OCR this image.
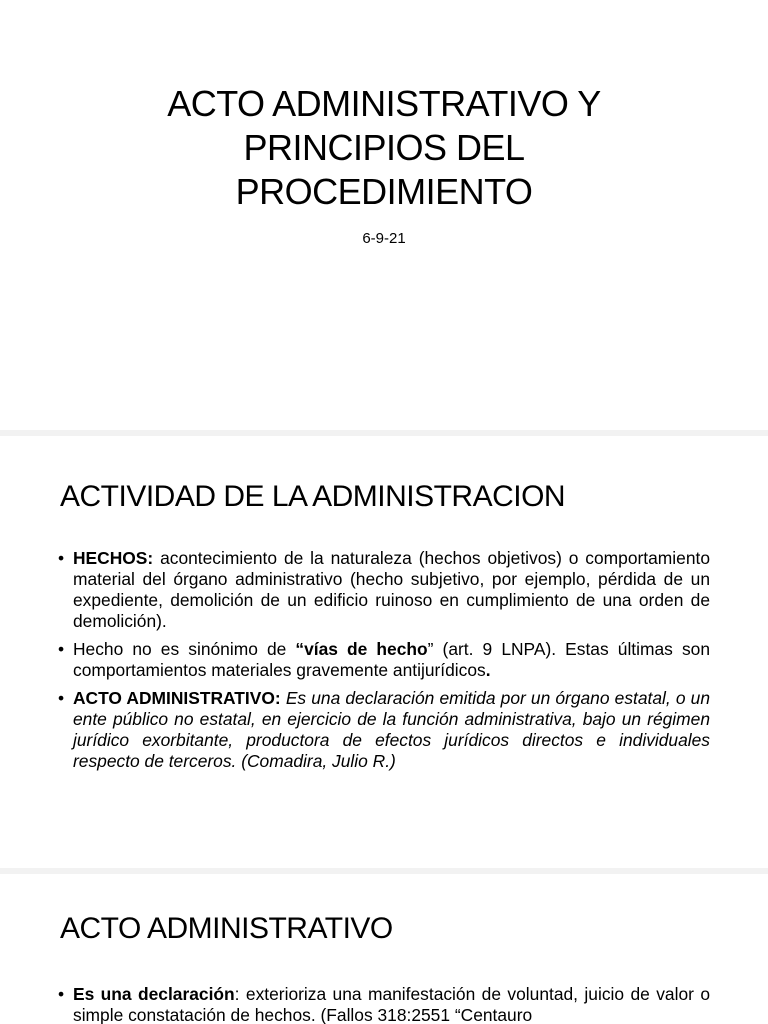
ACTO ADMINISTRATIVO Y
PRINCIPIOS DEL
PROCEDIMIENTO
6-9-21
ACTIVIDAD DE LA ADMINISTRACION
• HECHOS: acontecimiento de la naturaleza (hechos objetivos) o comportamiento material del órgano administrativo (hecho subjetivo, por ejemplo, pérdida de un expediente, demolición de un edificio ruinoso en cumplimiento de una orden de demolición).
• Hecho no es sinónimo de “vías de hecho” (art. 9 LNPA). Estas últimas son comportamientos materiales gravemente antijurídicos.
• ACTO ADMINISTRATIVO: Es una declaración emitida por un órgano estatal, o un ente público no estatal, en ejercicio de la función administrativa, bajo un régimen jurídico exorbitante, productora de efectos jurídicos directos e individuales respecto de terceros. (Comadira, Julio R.)
ACTO ADMINISTRATIVO
• Es una declaración: exterioriza una manifestación de voluntad, juicio de valor o simple constatación de hechos. (Fallos 318:2551 “Centauro
